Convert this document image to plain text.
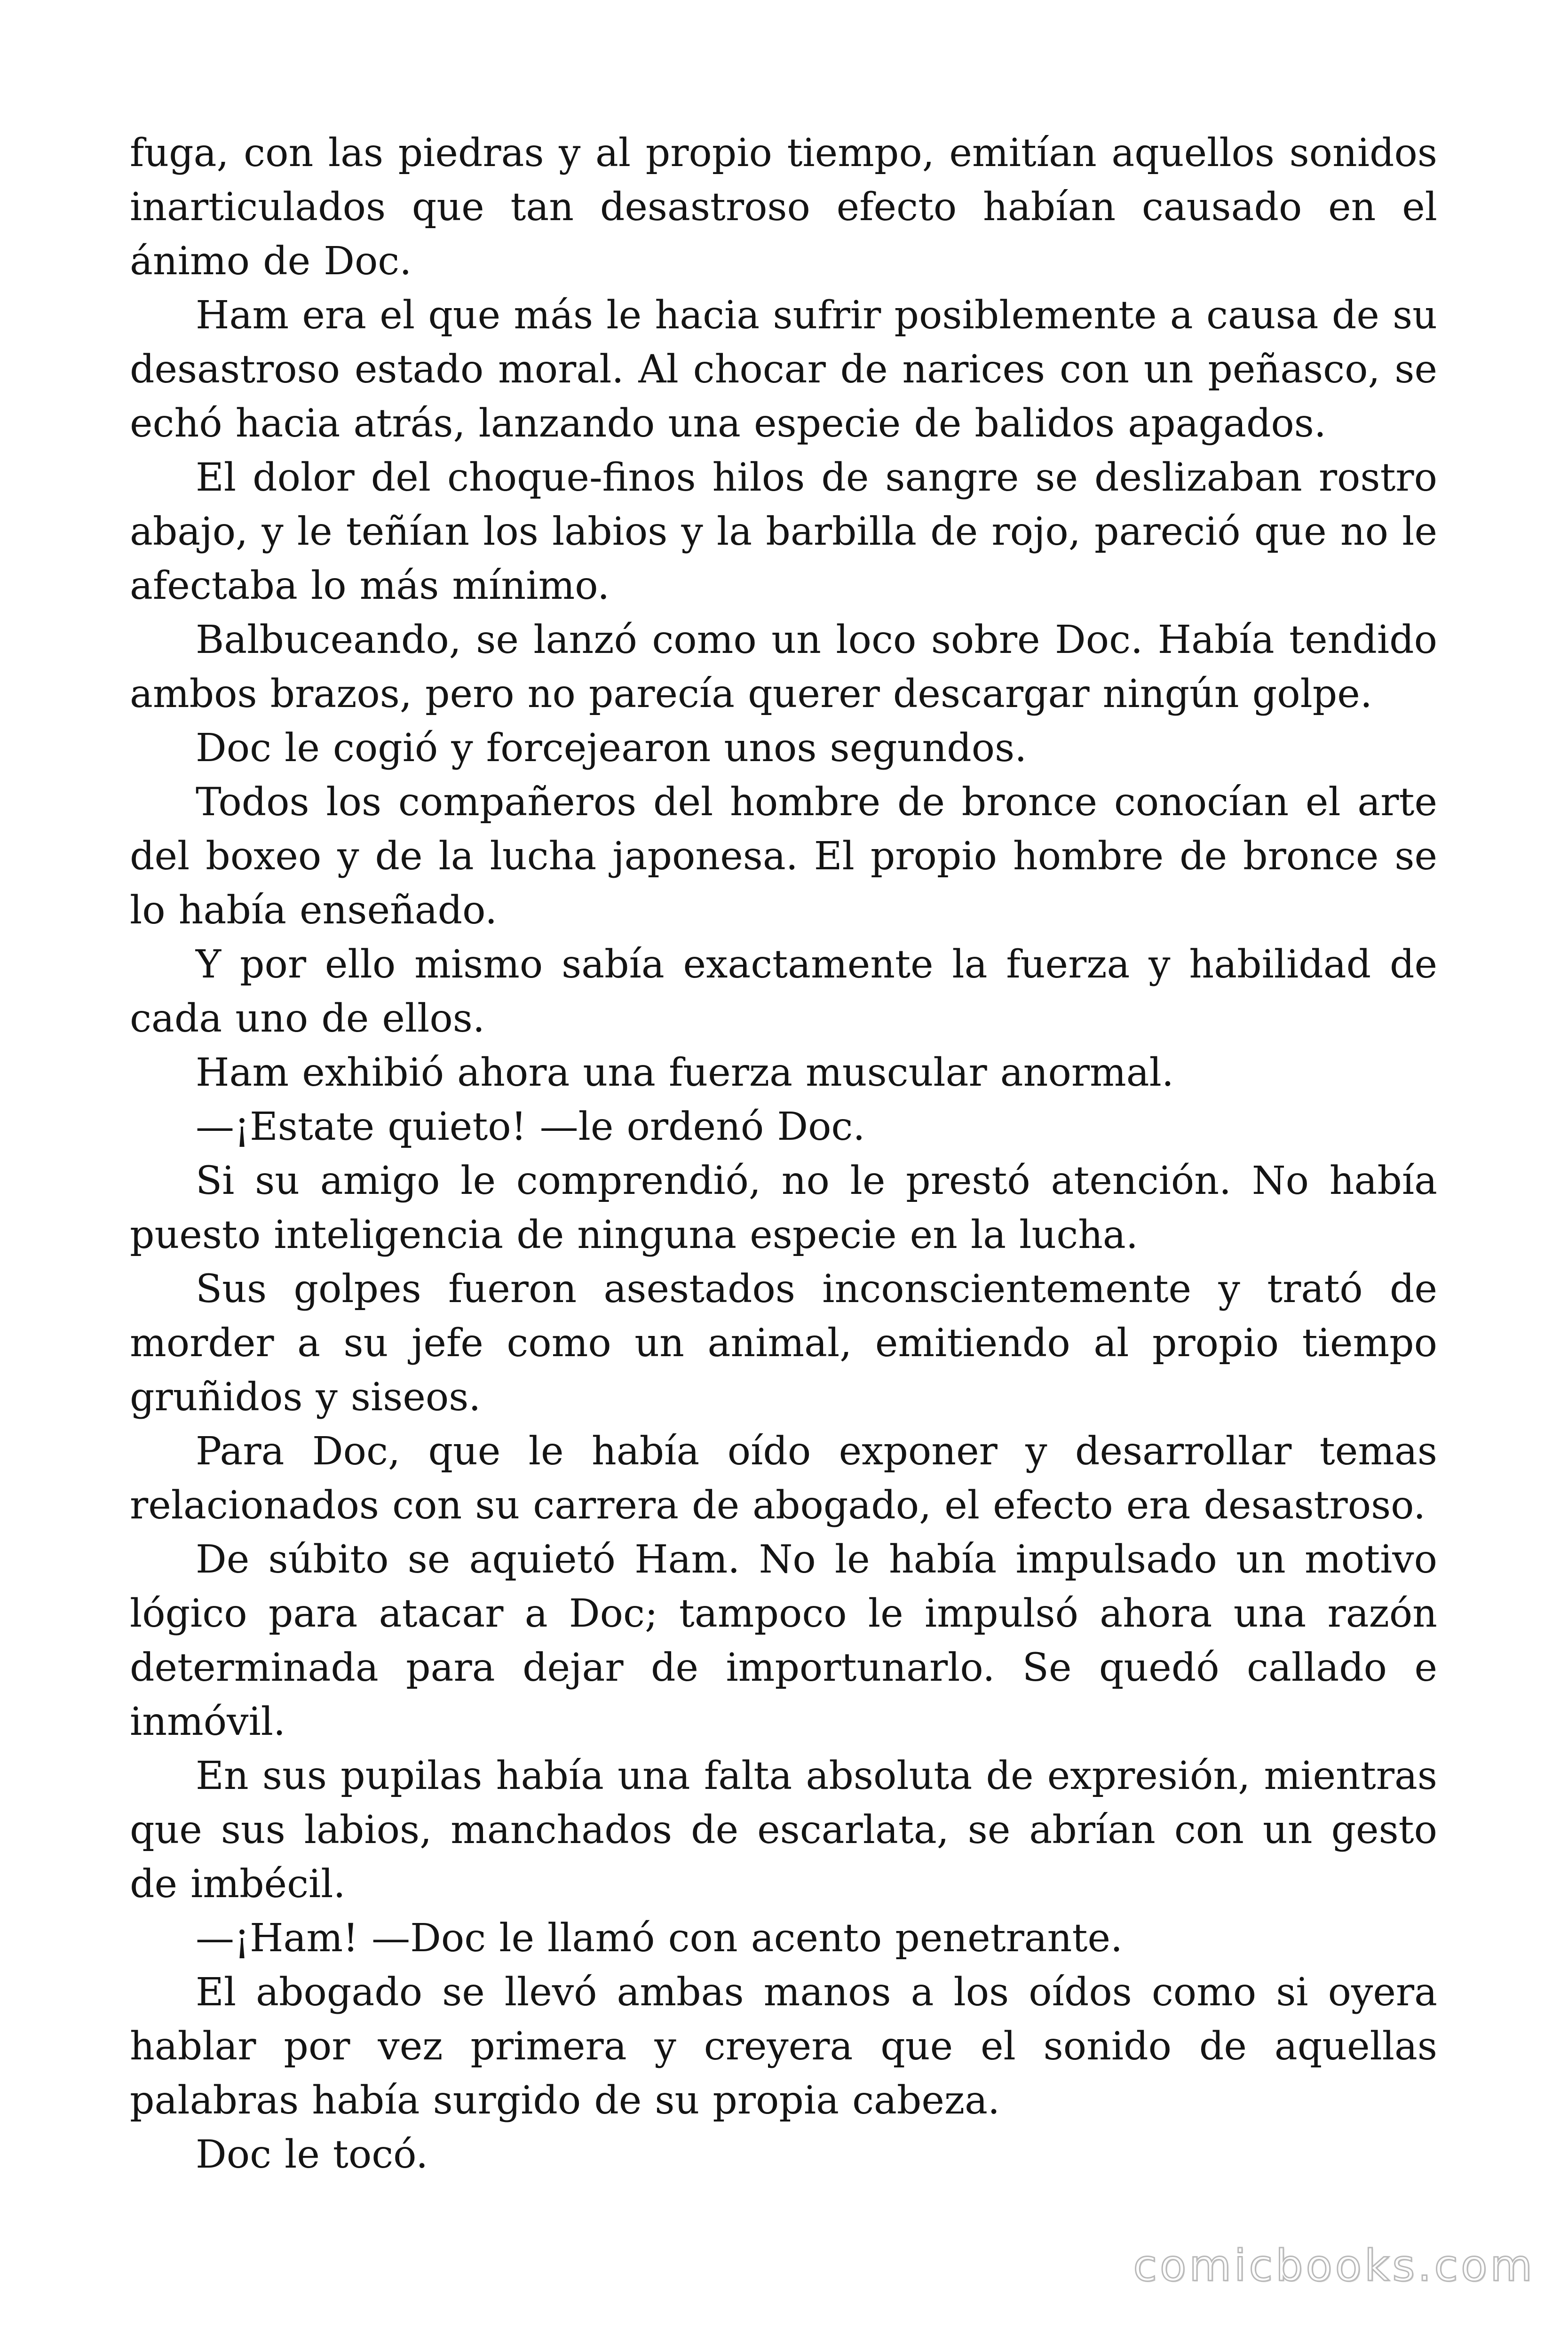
fuga, con las piedras y al propio tiempo, emitían aquellos sonidos inarticulados que tan desastroso efecto habían causado en el ánimo de Doc.

Ham era el que más le hacia sufrir posiblemente a causa de su desastroso estado moral. Al chocar de narices con un peñasco, se echó hacia atrás, lanzando una especie de balidos apagados.

El dolor del choque-finos hilos de sangre se deslizaban rostro abajo, y le teñían los labios y la barbilla de rojo, pareció que no le afectaba lo más mínimo.

Balbuceando, se lanzó como un loco sobre Doc. Había tendido ambos brazos, pero no parecía querer descargar ningún golpe.

Doc le cogió y forcejearon unos segundos.

Todos los compañeros del hombre de bronce conocían el arte del boxeo y de la lucha japonesa. El propio hombre de bronce se lo había enseñado.

Y por ello mismo sabía exactamente la fuerza y habilidad de cada uno de ellos.

Ham exhibió ahora una fuerza muscular anormal.

—¡Estate quieto! —le ordenó Doc.

Si su amigo le comprendió, no le prestó atención. No había puesto inteligencia de ninguna especie en la lucha.

Sus golpes fueron asestados inconscientemente y trató de morder a su jefe como un animal, emitiendo al propio tiempo gruñidos y siseos.

Para Doc, que le había oído exponer y desarrollar temas relacionados con su carrera de abogado, el efecto era desastroso.

De súbito se aquietó Ham. No le había impulsado un motivo lógico para atacar a Doc; tampoco le impulsó ahora una razón determinada para dejar de importunarlo. Se quedó callado e inmóvil.

En sus pupilas había una falta absoluta de expresión, mientras que sus labios, manchados de escarlata, se abrían con un gesto de imbécil.

—¡Ham! —Doc le llamó con acento penetrante.

El abogado se llevó ambas manos a los oídos como si oyera hablar por vez primera y creyera que el sonido de aquellas palabras había surgido de su propia cabeza.

Doc le tocó.

comicbooks.com
